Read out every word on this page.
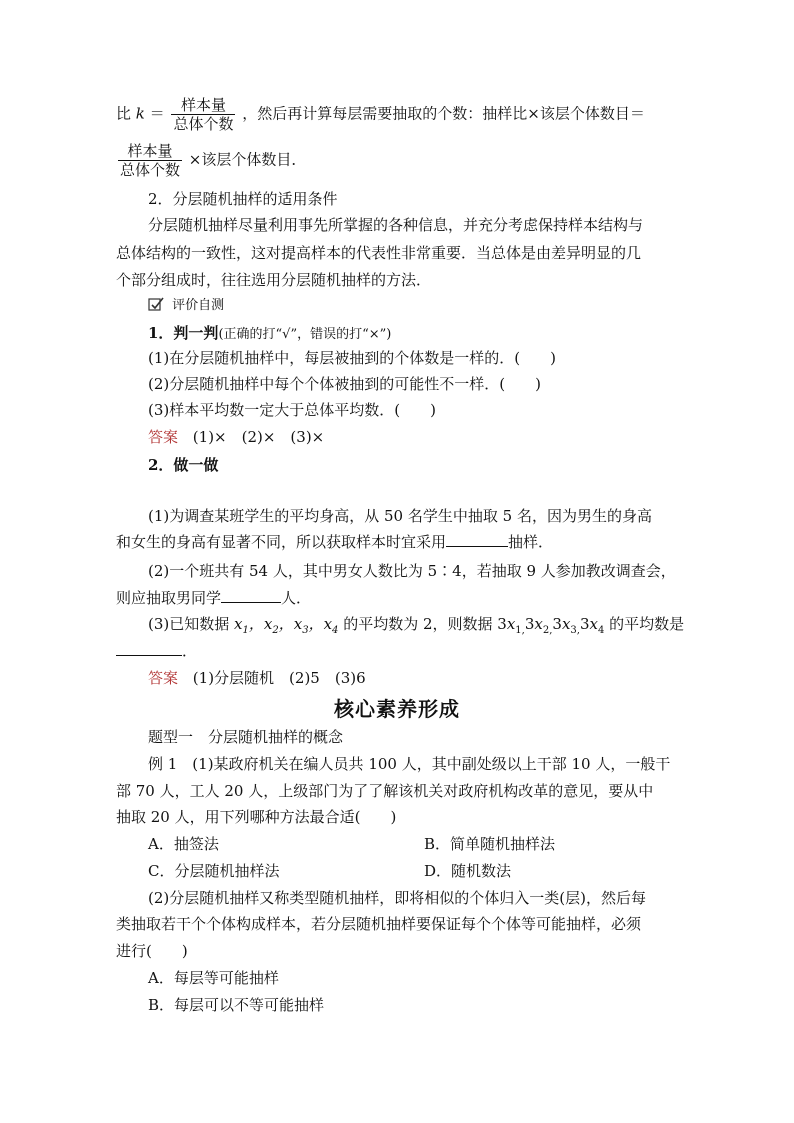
比 $k = \frac{\text{样本量}}{\text{总体个数}}$ ，然后再计算每层需要抽取的个数：抽样比×该层个体数目＝
$\frac{\text{样本量}}{\text{总体个数}}$ ×该层个体数目．
2．分层随机抽样的适用条件
分层随机抽样尽量利用事先所掌握的各种信息，并充分考虑保持样本结构与
总体结构的一致性，这对提高样本的代表性非常重要．当总体是由差异明显的几
个部分组成时，往往选用分层随机抽样的方法．
评价自测
1．判一判(正确的打“√”，错误的打“×”)
(1)在分层随机抽样中，每层被抽到的个体数是一样的．(　　)
(2)分层随机抽样中每个个体被抽到的可能性不一样．(　　)
(3)样本平均数一定大于总体平均数．(　　)
答案 (1)×　(2)×　(3)×
2．做一做
(1)为调查某班学生的平均身高，从 50 名学生中抽取 5 名，因为男生的身高
和女生的身高有显著不同，所以获取样本时宜采用	抽样．
(2)一个班共有 54 人，其中男女人数比为 5∶4，若抽取 9 人参加教改调查会，
则应抽取男同学	人．
(3)已知数据 $x_1$，$x_2$，$x_3$，$x_4$ 的平均数为 2，则数据 $3x_{1,}3x_{2,}3x_{3,}3x_4$ 的平均数是
．
答案 (1)分层随机　(2)5　(3)6
核心素养形成
题型一　分层随机抽样的概念
例 1　(1)某政府机关在编人员共 100 人，其中副处级以上干部 10 人，一般干
部 70 人，工人 20 人，上级部门为了了解该机关对政府机构改革的意见，要从中
抽取 20 人，用下列哪种方法最合适(　　)
A．抽签法	B．简单随机抽样法
C．分层随机抽样法	D．随机数法
(2)分层随机抽样又称类型随机抽样，即将相似的个体归入一类(层)，然后每
类抽取若干个个体构成样本，若分层随机抽样要保证每个个体等可能抽样，必须
进行(　　)
A．每层等可能抽样
B．每层可以不等可能抽样
